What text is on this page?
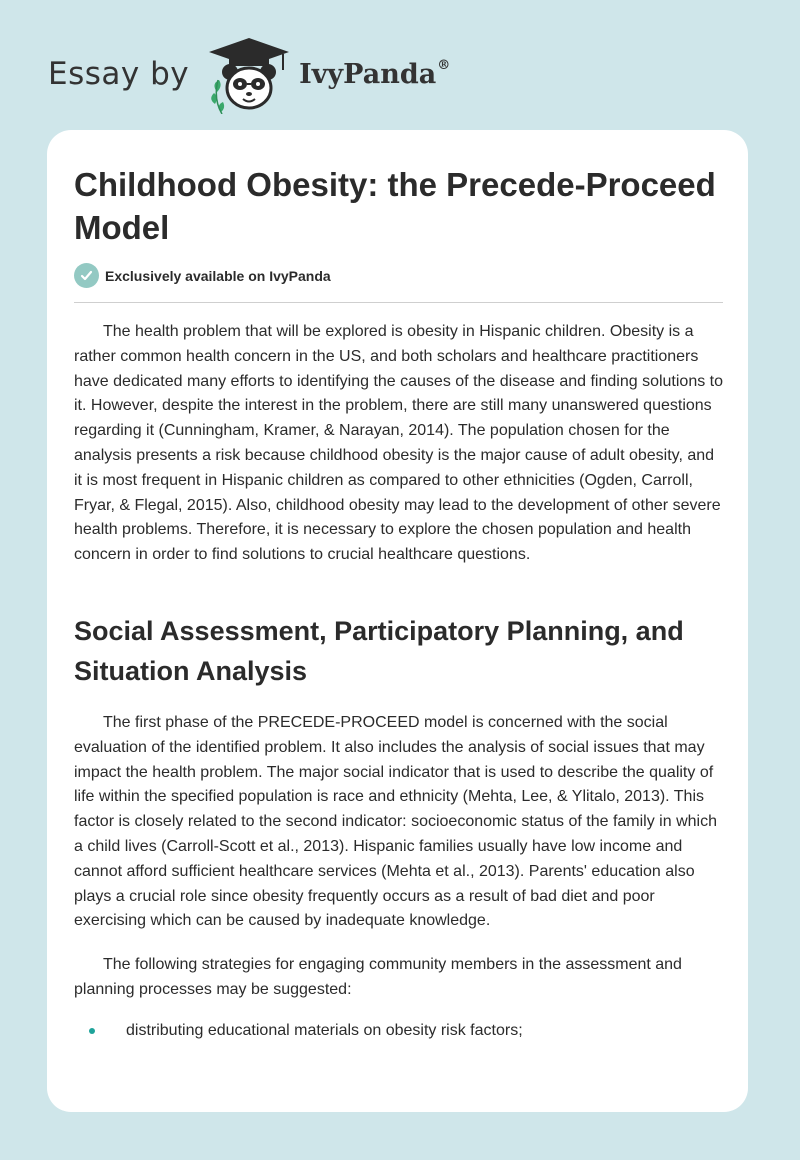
Essay by	IvyPanda®
Childhood Obesity: the Precede-Proceed Model
Exclusively available on IvyPanda

The health problem that will be explored is obesity in Hispanic children. Obesity is a rather common health concern in the US, and both scholars and healthcare practitioners have dedicated many efforts to identifying the causes of the disease and finding solutions to it. However, despite the interest in the problem, there are still many unanswered questions regarding it (Cunningham, Kramer, & Narayan, 2014). The population chosen for the analysis presents a risk because childhood obesity is the major cause of adult obesity, and it is most frequent in Hispanic children as compared to other ethnicities (Ogden, Carroll, Fryar, & Flegal, 2015). Also, childhood obesity may lead to the development of other severe health problems. Therefore, it is necessary to explore the chosen population and health concern in order to find solutions to crucial healthcare questions.

Social Assessment, Participatory Planning, and Situation Analysis

The first phase of the PRECEDE-PROCEED model is concerned with the social evaluation of the identified problem. It also includes the analysis of social issues that may impact the health problem. The major social indicator that is used to describe the quality of life within the specified population is race and ethnicity (Mehta, Lee, & Ylitalo, 2013). This factor is closely related to the second indicator: socioeconomic status of the family in which a child lives (Carroll-Scott et al., 2013). Hispanic families usually have low income and cannot afford sufficient healthcare services (Mehta et al., 2013). Parents' education also plays a crucial role since obesity frequently occurs as a result of bad diet and poor exercising which can be caused by inadequate knowledge.

The following strategies for engaging community members in the assessment and planning processes may be suggested:

distributing educational materials on obesity risk factors;
